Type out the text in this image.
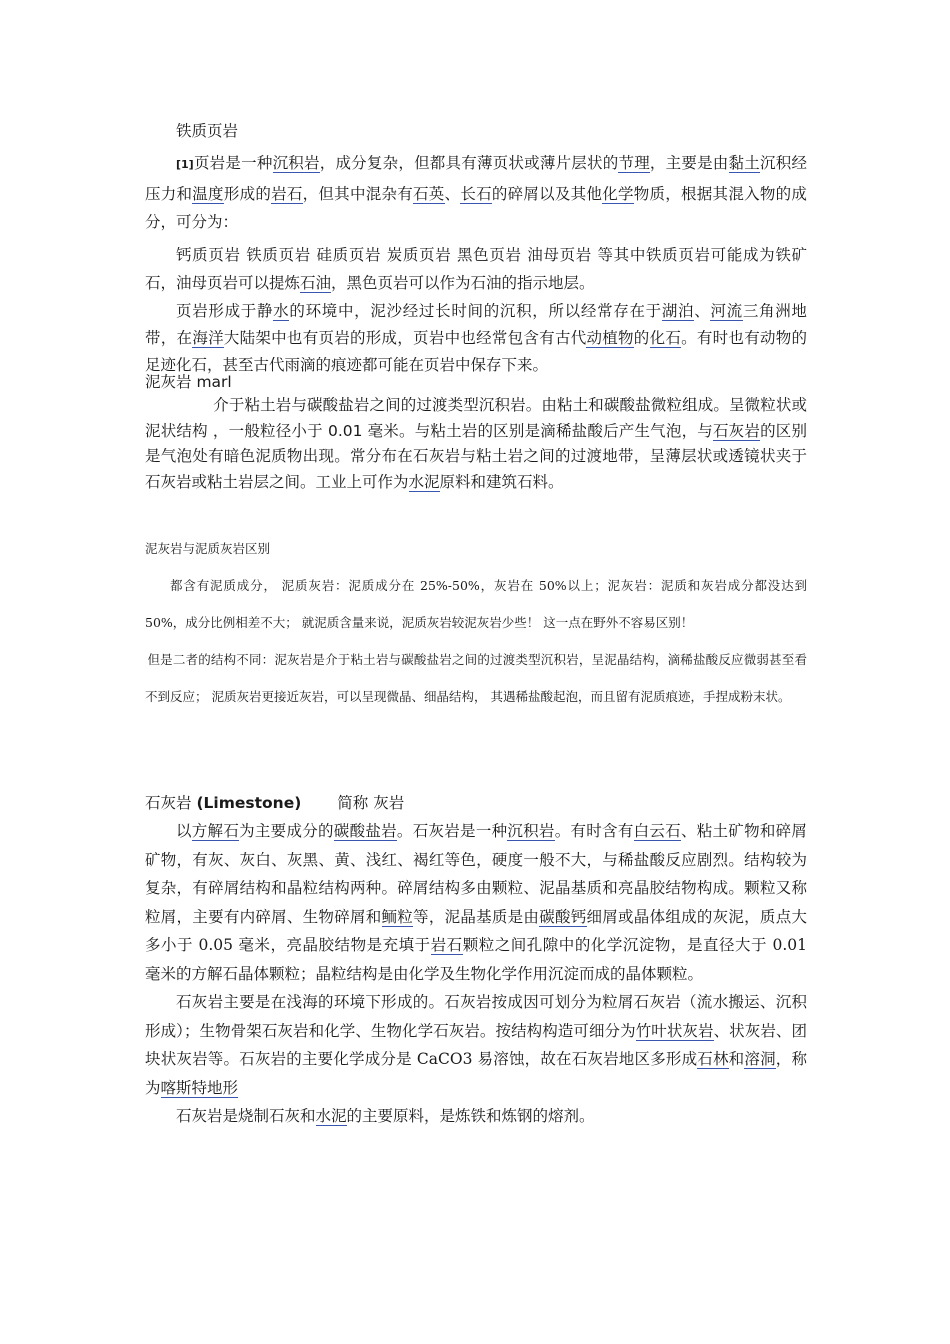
铁质页岩

[1]页岩是一种沉积岩，成分复杂，但都具有薄页状或薄片层状的节理，主要是由黏土沉积经压力和温度形成的岩石，但其中混杂有石英、长石的碎屑以及其他化学物质，根据其混入物的成分，可分为：

钙质页岩 铁质页岩 硅质页岩 炭质页岩 黑色页岩 油母页岩 等其中铁质页岩可能成为铁矿石，油母页岩可以提炼石油，黑色页岩可以作为石油的指示地层。

页岩形成于静水的环境中，泥沙经过长时间的沉积，所以经常存在于湖泊、河流三角洲地带，在海洋大陆架中也有页岩的形成，页岩中也经常包含有古代动植物的化石。有时也有动物的足迹化石，甚至古代雨滴的痕迹都可能在页岩中保存下来。

泥灰岩 marl

介于粘土岩与碳酸盐岩之间的过渡类型沉积岩。由粘土和碳酸盐微粒组成。呈微粒状或泥状结构 ，一般粒径小于 0.01 毫米。与粘土岩的区别是滴稀盐酸后产生气泡，与石灰岩的区别是气泡处有暗色泥质物出现。常分布在石灰岩与粘土岩之间的过渡地带，呈薄层状或透镜状夹于石灰岩或粘土岩层之间。工业上可作为水泥原料和建筑石料。

泥灰岩与泥质灰岩区别

都含有泥质成分， 泥质灰岩：泥质成分在 25%-50%，灰岩在 50%以上；泥灰岩：泥质和灰岩成分都没达到 50%，成分比例相差不大； 就泥质含量来说，泥质灰岩较泥灰岩少些！ 这一点在野外不容易区别！

但是二者的结构不同：泥灰岩是介于粘土岩与碳酸盐岩之间的过渡类型沉积岩，呈泥晶结构，滴稀盐酸反应微弱甚至看不到反应； 泥质灰岩更接近灰岩，可以呈现微晶、细晶结构， 其遇稀盐酸起泡，而且留有泥质痕迹，手捏成粉末状。

石灰岩 (Limestone) 简称 灰岩

以方解石为主要成分的碳酸盐岩。石灰岩是一种沉积岩。有时含有白云石、粘土矿物和碎屑矿物，有灰、灰白、灰黑、黄、浅红、褐红等色，硬度一般不大，与稀盐酸反应剧烈。结构较为复杂，有碎屑结构和晶粒结构两种。碎屑结构多由颗粒、泥晶基质和亮晶胶结物构成。颗粒又称粒屑，主要有内碎屑、生物碎屑和鲕粒等，泥晶基质是由碳酸钙细屑或晶体组成的灰泥，质点大多小于 0.05 毫米，亮晶胶结物是充填于岩石颗粒之间孔隙中的化学沉淀物，是直径大于 0.01 毫米的方解石晶体颗粒；晶粒结构是由化学及生物化学作用沉淀而成的晶体颗粒。

石灰岩主要是在浅海的环境下形成的。石灰岩按成因可划分为粒屑石灰岩（流水搬运、沉积形成）；生物骨架石灰岩和化学、生物化学石灰岩。按结构构造可细分为竹叶状灰岩、状灰岩、团块状灰岩等。石灰岩的主要化学成分是 CaCO3 易溶蚀，故在石灰岩地区多形成石林和溶洞，称为喀斯特地形

石灰岩是烧制石灰和水泥的主要原料，是炼铁和炼钢的熔剂。
